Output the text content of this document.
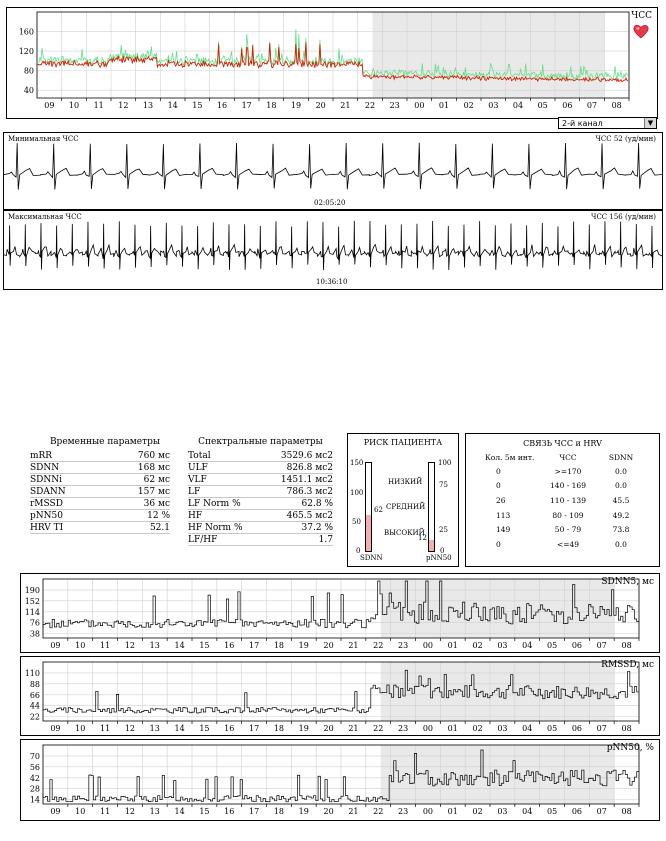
160
120
80
40
09 10 11 12 13 14 15 16 17 18 19 20 21 22 23 00 01 02 03 04 05 06 07 08
ЧСС
2-й канал	▼
Минимальная ЧСС	ЧСС 52 (уд/мин)
02:05:20
Максимальная ЧСС	ЧСС 156 (уд/мин)
10:36:10
Временные параметры
mRR	760 мс
SDNN	168 мс
SDNNi	62 мс
SDANN	157 мс
rMSSD	36 мс
pNN50	12 %
HRV TI	52.1
Спектральные параметры
Total	3529.6 мс2
ULF	826.8 мс2
VLF	1451.1 мс2
LF	786.3 мс2
LF Norm %	62.8 %
HF	465.5 мс2
HF Norm %	37.2 %
LF/HF	1.7
РИСК ПАЦИЕНТА
150
100
50
0
62
SDNN
100
75
25
0
12
pNN50
НИЗКИЙ
СРЕДНИЙ
ВЫСОКИЙ
СВЯЗЬ ЧСС и HRV
Кол. 5м инт.	ЧСС	SDNN
0	>=170	0.0
0	140 - 169	0.0
26	110 - 139	45.5
113	80 - 109	49.2
149	50 - 79	73.8
0	<=49	0.0
190
152
114
76
38
09 10 11 12 13 14 15 16 17 18 19 20 21 22 23 00 01 02 03 04 05 06 07 08
SDNN5, мс
110
88
66
44
22
09 10 11 12 13 14 15 16 17 18 19 20 21 22 23 00 01 02 03 04 05 06 07 08
RMSSD, мс
70
56
42
28
14
09 10 11 12 13 14 15 16 17 18 19 20 21 22 23 00 01 02 03 04 05 06 07 08
pNN50, %
